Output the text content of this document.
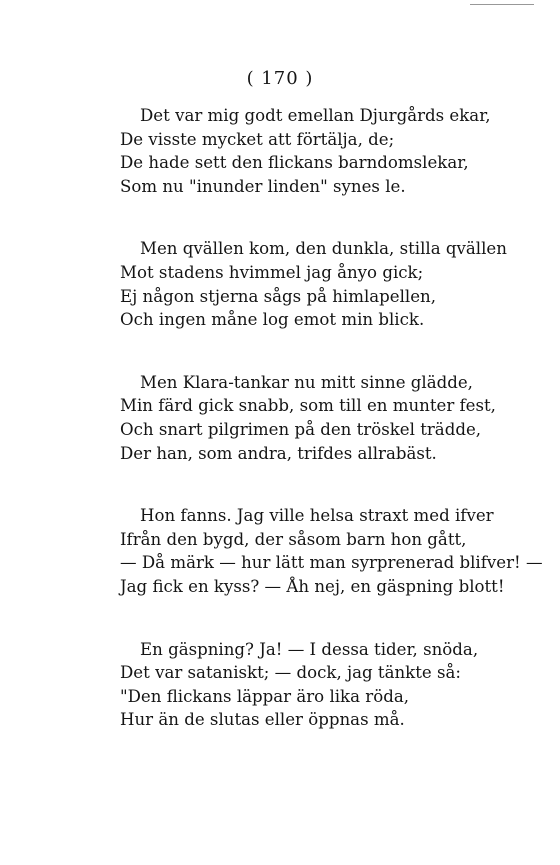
( 170 )
Det var mig godt emellan Djurgårds ekar,
De visste mycket att förtälja, de;
De hade sett den flickans barndomslekar,
Som nu "inunder linden" synes le.
Men qvällen kom, den dunkla, stilla qvällen
Mot stadens hvimmel jag ånyo gick;
Ej någon stjerna sågs på himlapellen,
Och ingen måne log emot min blick.
Men Klara-tankar nu mitt sinne glädde,
Min färd gick snabb, som till en munter fest,
Och snart pilgrimen på den tröskel trädde,
Der han, som andra, trifdes allrabäst.
Hon fanns. Jag ville helsa straxt med ifver
Ifrån den bygd, der såsom barn hon gått,
— Då märk — hur lätt man syrprenerad blifver! —
Jag fick en kyss? — Åh nej, en gäspning blott!
En gäspning? Ja! — I dessa tider, snöda,
Det var sataniskt; — dock, jag tänkte så:
"Den flickans läppar äro lika röda,
Hur än de slutas eller öppnas må.
